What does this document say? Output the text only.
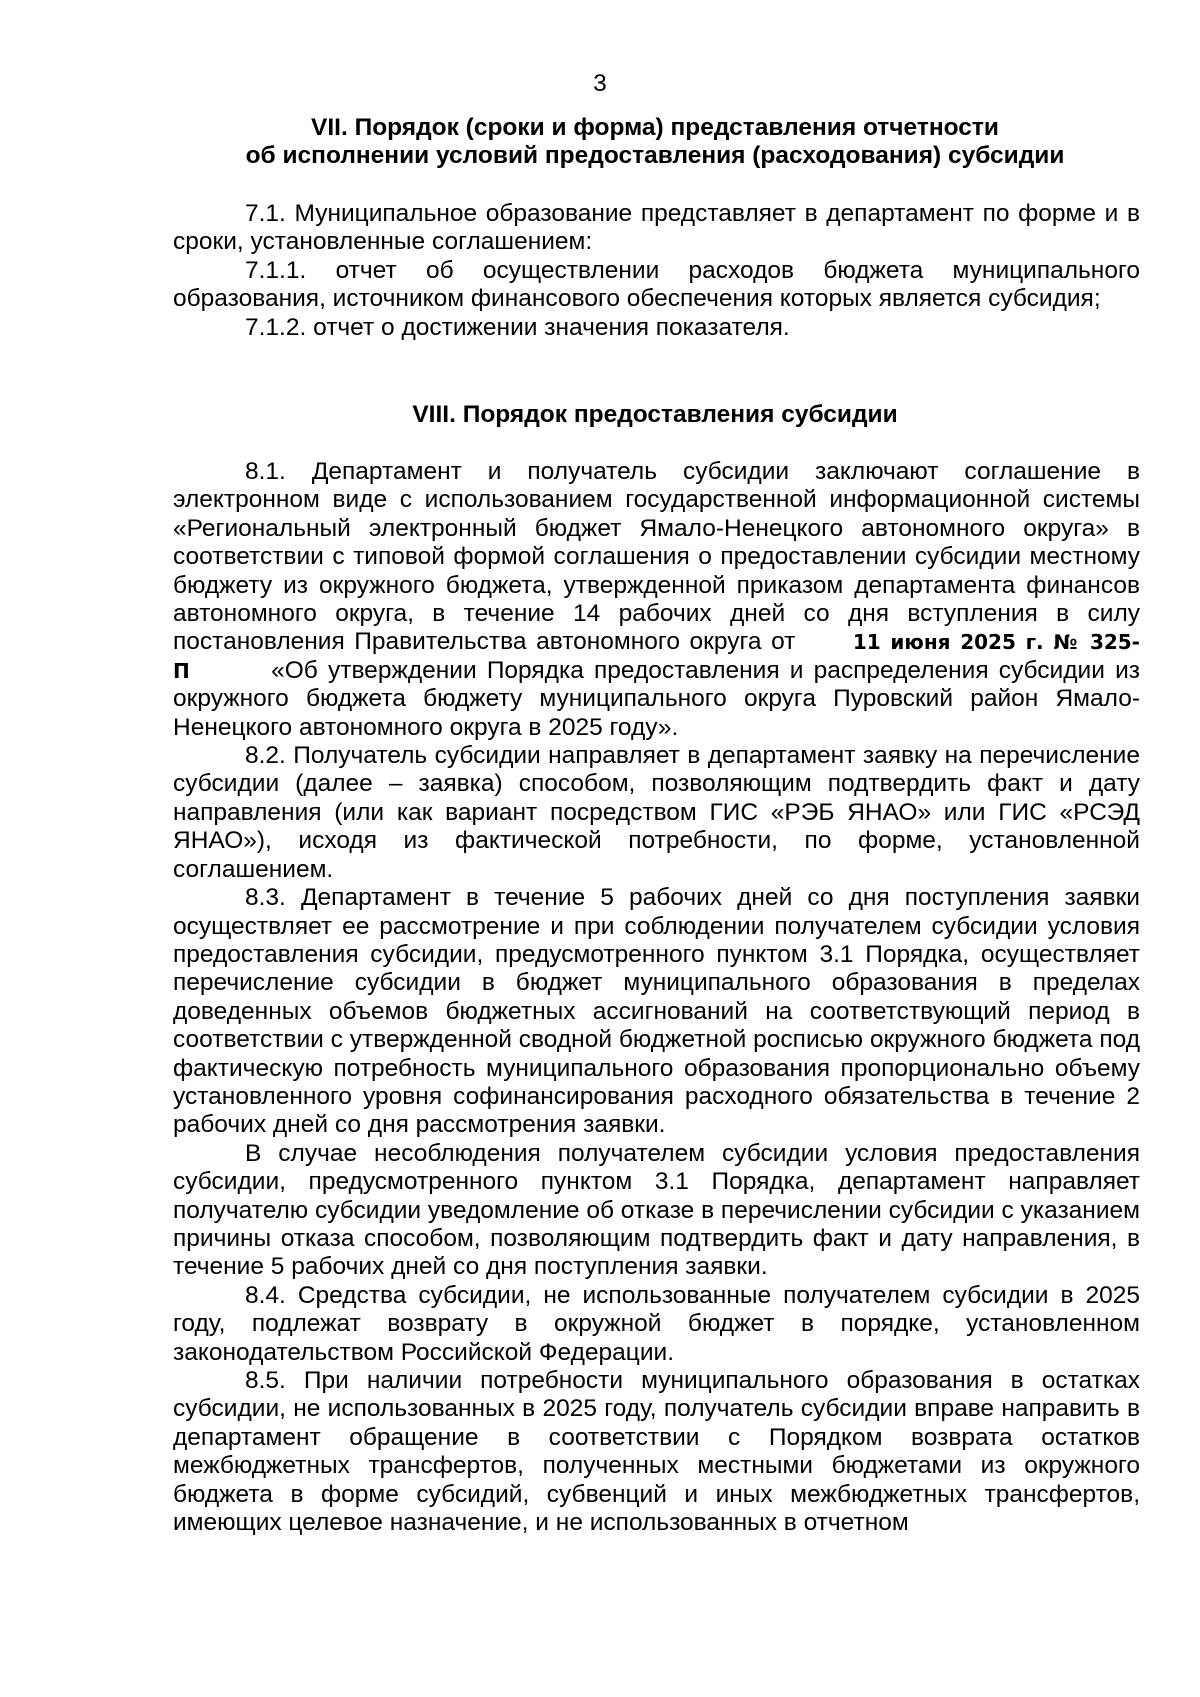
3
VII. Порядок (сроки и форма) представления отчетности
об исполнении условий предоставления (расходования) субсидии

7.1. Муниципальное образование представляет в департамент по форме и в сроки, установленные соглашением:

7.1.1. отчет об осуществлении расходов бюджета муниципального образования, источником финансового обеспечения которых является субсидия;

7.1.2. отчет о достижении значения показателя.

VIII. Порядок предоставления субсидии

8.1. Департамент и получатель субсидии заключают соглашение в электронном виде с использованием государственной информационной системы «Региональный электронный бюджет Ямало-Ненецкого автономного округа» в соответствии с типовой формой соглашения о предоставлении субсидии местному бюджету из окружного бюджета, утвержденной приказом департамента финансов автономного округа, в течение 14 рабочих дней со дня вступления в силу постановления Правительства автономного округа от	11 июня 2025 г. № 325-П	«Об утверждении Порядка предоставления и распределения субсидии из окружного бюджета бюджету муниципального округа Пуровский район Ямало-Ненецкого автономного округа в 2025 году».

8.2. Получатель субсидии направляет в департамент заявку на перечисление субсидии (далее – заявка) способом, позволяющим подтвердить факт и дату направления (или как вариант посредством ГИС «РЭБ ЯНАО» или ГИС «РСЭД ЯНАО»), исходя из фактической потребности, по форме, установленной соглашением.

8.3. Департамент в течение 5 рабочих дней со дня поступления заявки осуществляет ее рассмотрение и при соблюдении получателем субсидии условия предоставления субсидии, предусмотренного пунктом 3.1 Порядка, осуществляет перечисление субсидии в бюджет муниципального образования в пределах доведенных объемов бюджетных ассигнований на соответствующий период в соответствии с утвержденной сводной бюджетной росписью окружного бюджета под фактическую потребность муниципального образования пропорционально объему установленного уровня софинансирования расходного обязательства в течение 2 рабочих дней со дня рассмотрения заявки.

В случае несоблюдения получателем субсидии условия предоставления субсидии, предусмотренного пунктом 3.1 Порядка, департамент направляет получателю субсидии уведомление об отказе в перечислении субсидии с указанием причины отказа способом, позволяющим подтвердить факт и дату направления, в течение 5 рабочих дней со дня поступления заявки.

8.4. Средства субсидии, не использованные получателем субсидии в 2025 году, подлежат возврату в окружной бюджет в порядке, установленном законодательством Российской Федерации.

8.5. При наличии потребности муниципального образования в остатках субсидии, не использованных в 2025 году, получатель субсидии вправе направить в департамент обращение в соответствии с Порядком возврата остатков межбюджетных трансфертов, полученных местными бюджетами из окружного бюджета в форме субсидий, субвенций и иных межбюджетных трансфертов, имеющих целевое назначение, и не использованных в отчетном
